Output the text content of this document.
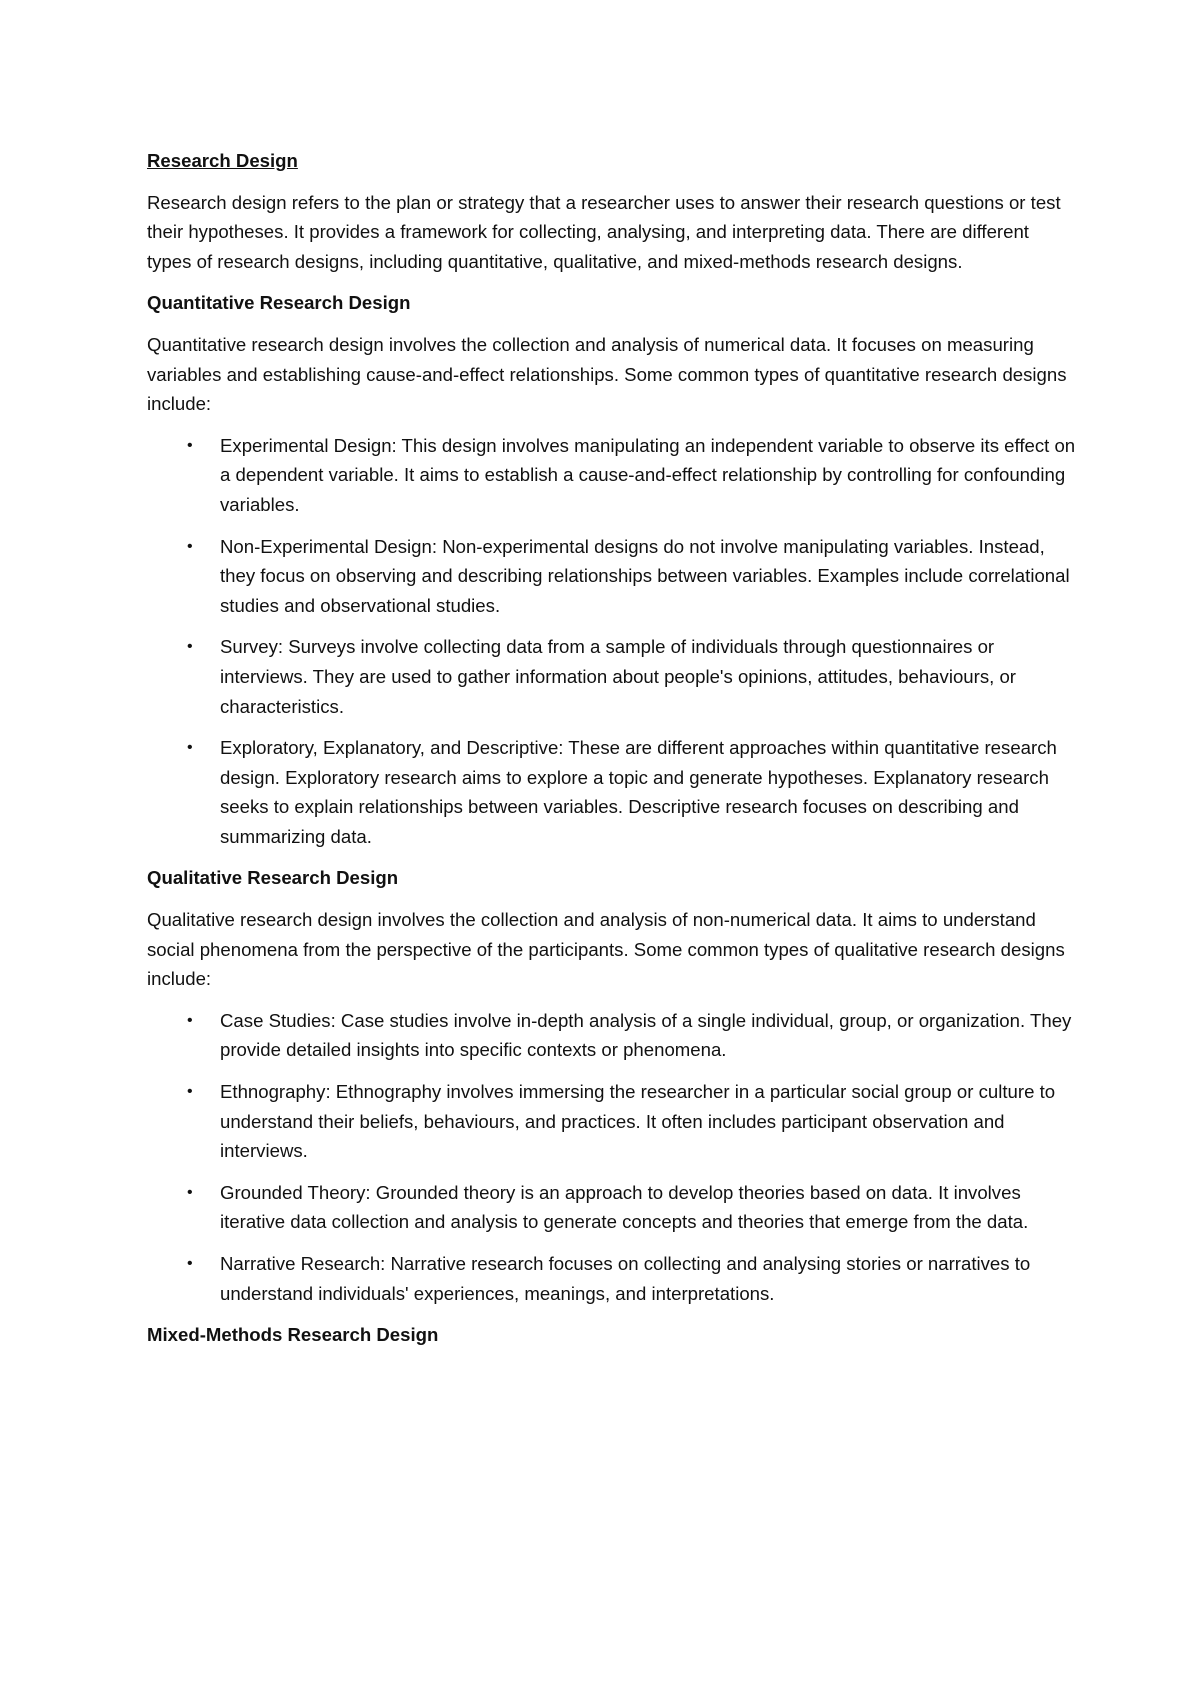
Research Design

Research design refers to the plan or strategy that a researcher uses to answer their research questions or test their hypotheses. It provides a framework for collecting, analysing, and interpreting data. There are different types of research designs, including quantitative, qualitative, and mixed-methods research designs.

Quantitative Research Design

Quantitative research design involves the collection and analysis of numerical data. It focuses on measuring variables and establishing cause-and-effect relationships. Some common types of quantitative research designs include:

• Experimental Design: This design involves manipulating an independent variable to observe its effect on a dependent variable. It aims to establish a cause-and-effect relationship by controlling for confounding variables.
• Non-Experimental Design: Non-experimental designs do not involve manipulating variables. Instead, they focus on observing and describing relationships between variables. Examples include correlational studies and observational studies.
• Survey: Surveys involve collecting data from a sample of individuals through questionnaires or interviews. They are used to gather information about people's opinions, attitudes, behaviours, or characteristics.
• Exploratory, Explanatory, and Descriptive: These are different approaches within quantitative research design. Exploratory research aims to explore a topic and generate hypotheses. Explanatory research seeks to explain relationships between variables. Descriptive research focuses on describing and summarizing data.
Qualitative Research Design

Qualitative research design involves the collection and analysis of non-numerical data. It aims to understand social phenomena from the perspective of the participants. Some common types of qualitative research designs include:

• Case Studies: Case studies involve in-depth analysis of a single individual, group, or organization. They provide detailed insights into specific contexts or phenomena.
• Ethnography: Ethnography involves immersing the researcher in a particular social group or culture to understand their beliefs, behaviours, and practices. It often includes participant observation and interviews.
• Grounded Theory: Grounded theory is an approach to develop theories based on data. It involves iterative data collection and analysis to generate concepts and theories that emerge from the data.
• Narrative Research: Narrative research focuses on collecting and analysing stories or narratives to understand individuals' experiences, meanings, and interpretations.
Mixed-Methods Research Design
